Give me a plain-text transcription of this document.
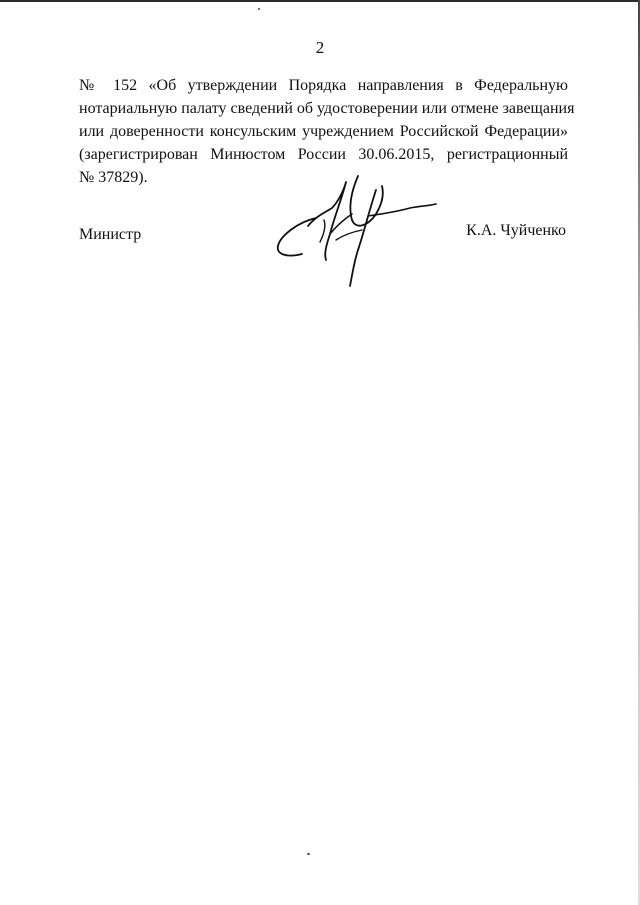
2
№ 152 «Об утверждении Порядка направления в Федеральную
нотариальную палату сведений об удостоверении или отмене завещания
или доверенности консульским учреждением Российской Федерации»
(зарегистрирован Минюстом России 30.06.2015, регистрационный
№ 37829).
Министр	К.А. Чуйченко
